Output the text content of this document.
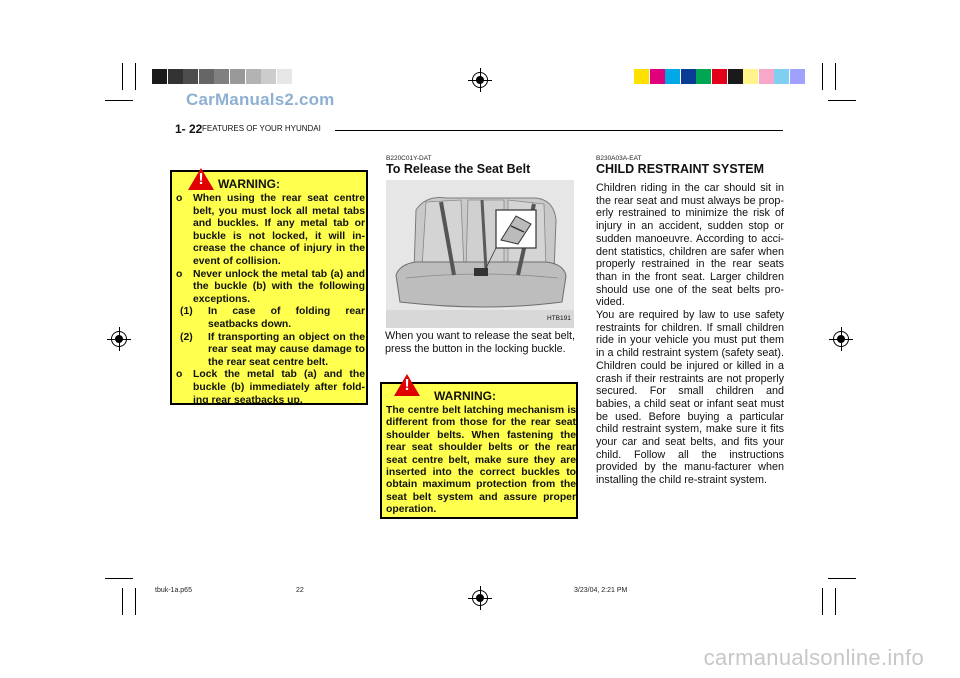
CarManuals2.com
1- 22 FEATURES OF YOUR HYUNDAI
!	WARNING:
o When using the rear seat centre belt, you must lock all metal tabs and buckles. If any metal tab or buckle is not locked, it will in-crease the chance of injury in the event of collision.
o Never unlock the metal tab (a) and the buckle (b) with the following exceptions.
(1) In case of folding rear seatbacks down.
(2) If transporting an object on the rear seat may cause damage to the rear seat centre belt.
o Lock the metal tab (a) and the buckle (b) immediately after fold-ing rear seatbacks up.
B220C01Y-DAT
To Release the Seat Belt
HTB191
When you want to release the seat belt, press the button in the locking buckle.
!
WARNING:
The centre belt latching mechanism is different from those for the rear seat shoulder belts. When fastening the rear seat shoulder belts or the rear seat centre belt, make sure they are inserted into the correct buckles to obtain maximum protection from the seat belt system and assure proper operation.
B230A03A-EAT
CHILD RESTRAINT SYSTEM
Children riding in the car should sit in the rear seat and must always be prop-erly restrained to minimize the risk of injury in an accident, sudden stop or sudden manoeuvre. According to acci-dent statistics, children are safer when properly restrained in the rear seats than in the front seat. Larger children should use one of the seat belts pro-vided.
You are required by law to use safety restraints for children. If small children ride in your vehicle you must put them in a child restraint system (safety seat). Children could be injured or killed in a crash if their restraints are not properly secured. For small children and babies, a child seat or infant seat must be used. Before buying a particular child restraint system, make sure it fits your car and seat belts, and fits your child. Follow all the instructions provided by the manu-facturer when installing the child re-straint system.
tbuk-1a.p65	22	3/23/04, 2:21 PM
carmanualsonline.info
